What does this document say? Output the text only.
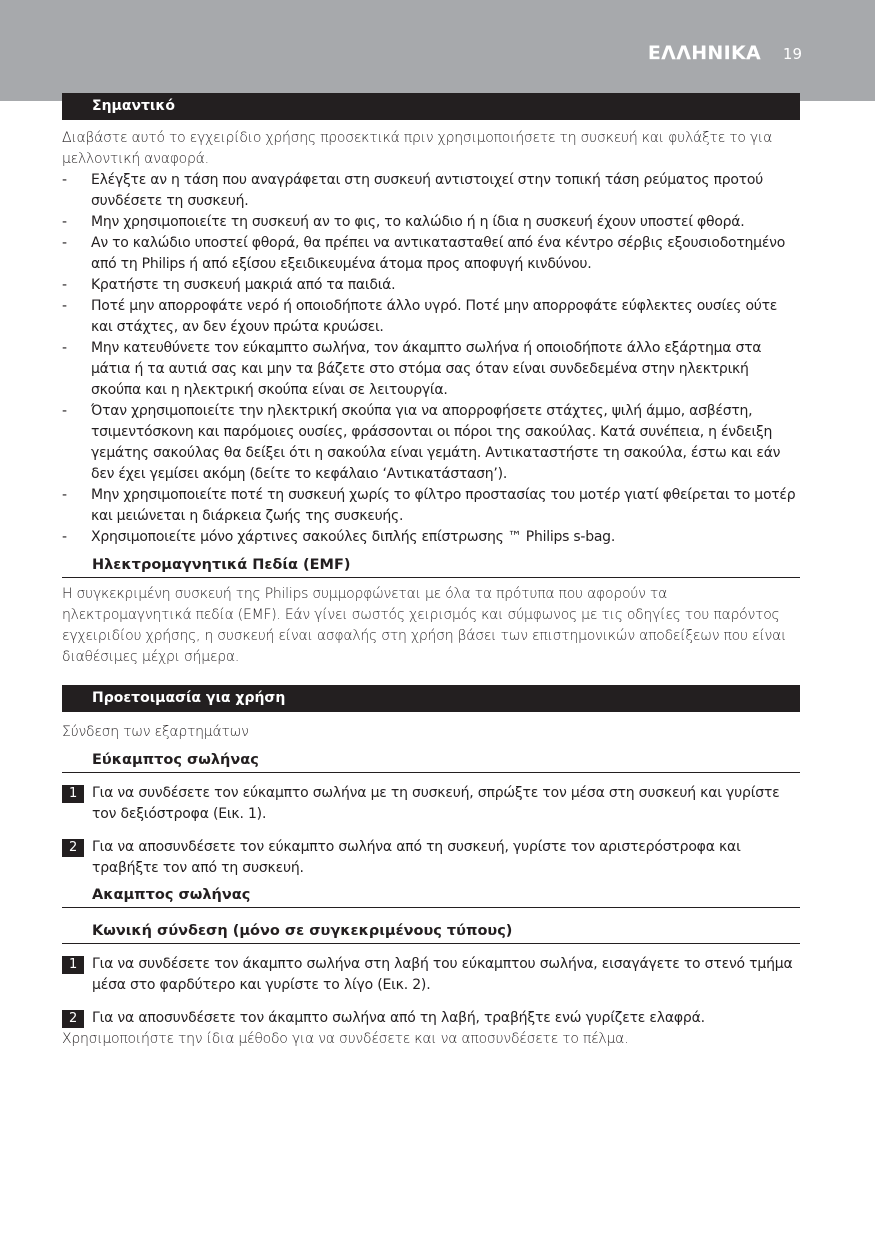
ΕΛΛΗΝΙΚΑ 19
Σημαντικό
Διαβάστε αυτό το εγχειρίδιο χρήσης προσεκτικά πριν χρησιμοποιήσετε τη συσκευή και φυλάξτε το για μελλοντική αναφορά.
- Ελέγξτε αν η τάση που αναγράφεται στη συσκευή αντιστοιχεί στην τοπική τάση ρεύματος προτού συνδέσετε τη συσκευή.
- Μην χρησιμοποιείτε τη συσκευή αν το φις, το καλώδιο ή η ίδια η συσκευή έχουν υποστεί φθορά.
- Αν το καλώδιο υποστεί φθορά, θα πρέπει να αντικατασταθεί από ένα κέντρο σέρβις εξουσιοδοτημένο από τη Philips ή από εξίσου εξειδικευμένα άτομα προς αποφυγή κινδύνου.
- Κρατήστε τη συσκευή μακριά από τα παιδιά.
- Ποτέ μην απορροφάτε νερό ή οποιοδήποτε άλλο υγρό. Ποτέ μην απορροφάτε εύφλεκτες ουσίες ούτε και στάχτες, αν δεν έχουν πρώτα κρυώσει.
- Μην κατευθύνετε τον εύκαμπτο σωλήνα, τον άκαμπτο σωλήνα ή οποιοδήποτε άλλο εξάρτημα στα μάτια ή τα αυτιά σας και μην τα βάζετε στο στόμα σας όταν είναι συνδεδεμένα στην ηλεκτρική σκούπα και η ηλεκτρική σκούπα είναι σε λειτουργία.
- Όταν χρησιμοποιείτε την ηλεκτρική σκούπα για να απορροφήσετε στάχτες, ψιλή άμμο, ασβέστη, τσιμεντόσκονη και παρόμοιες ουσίες, φράσσονται οι πόροι της σακούλας. Κατά συνέπεια, η ένδειξη γεμάτης σακούλας θα δείξει ότι η σακούλα είναι γεμάτη. Αντικαταστήστε τη σακούλα, έστω και εάν δεν έχει γεμίσει ακόμη (δείτε το κεφάλαιο ‘Αντικατάσταση’).
- Μην χρησιμοποιείτε ποτέ τη συσκευή χωρίς το φίλτρο προστασίας του μοτέρ γιατί φθείρεται το μοτέρ και μειώνεται η διάρκεια ζωής της συσκευής.
- Χρησιμοποιείτε μόνο χάρτινες σακούλες διπλής επίστρωσης ™ Philips s-bag.
Ηλεκτρομαγνητικά Πεδία (EMF)
Η συγκεκριμένη συσκευή της Philips συμμορφώνεται με όλα τα πρότυπα που αφορούν τα ηλεκτρομαγνητικά πεδία (EMF). Εάν γίνει σωστός χειρισμός και σύμφωνος με τις οδηγίες του παρόντος εγχειριδίου χρήσης, η συσκευή είναι ασφαλής στη χρήση βάσει των επιστημονικών αποδείξεων που είναι διαθέσιμες μέχρι σήμερα.
Προετοιμασία για χρήση
Σύνδεση των εξαρτημάτων
Εύκαμπτος σωλήνας
1	Για να συνδέσετε τον εύκαμπτο σωλήνα με τη συσκευή, σπρώξτε τον μέσα στη συσκευή και γυρίστε τον δεξιόστροφα (Εικ. 1).
2	Για να αποσυνδέσετε τον εύκαμπτο σωλήνα από τη συσκευή, γυρίστε τον αριστερόστροφα και τραβήξτε τον από τη συσκευή.
Ακαμπτος σωλήνας
Κωνική σύνδεση (μόνο σε συγκεκριμένους τύπους)
1	Για να συνδέσετε τον άκαμπτο σωλήνα στη λαβή του εύκαμπτου σωλήνα, εισαγάγετε το στενό τμήμα μέσα στο φαρδύτερο και γυρίστε το λίγο (Εικ. 2).
2	Για να αποσυνδέσετε τον άκαμπτο σωλήνα από τη λαβή, τραβήξτε ενώ γυρίζετε ελαφρά.
Χρησιμοποιήστε την ίδια μέθοδο για να συνδέσετε και να αποσυνδέσετε το πέλμα.
